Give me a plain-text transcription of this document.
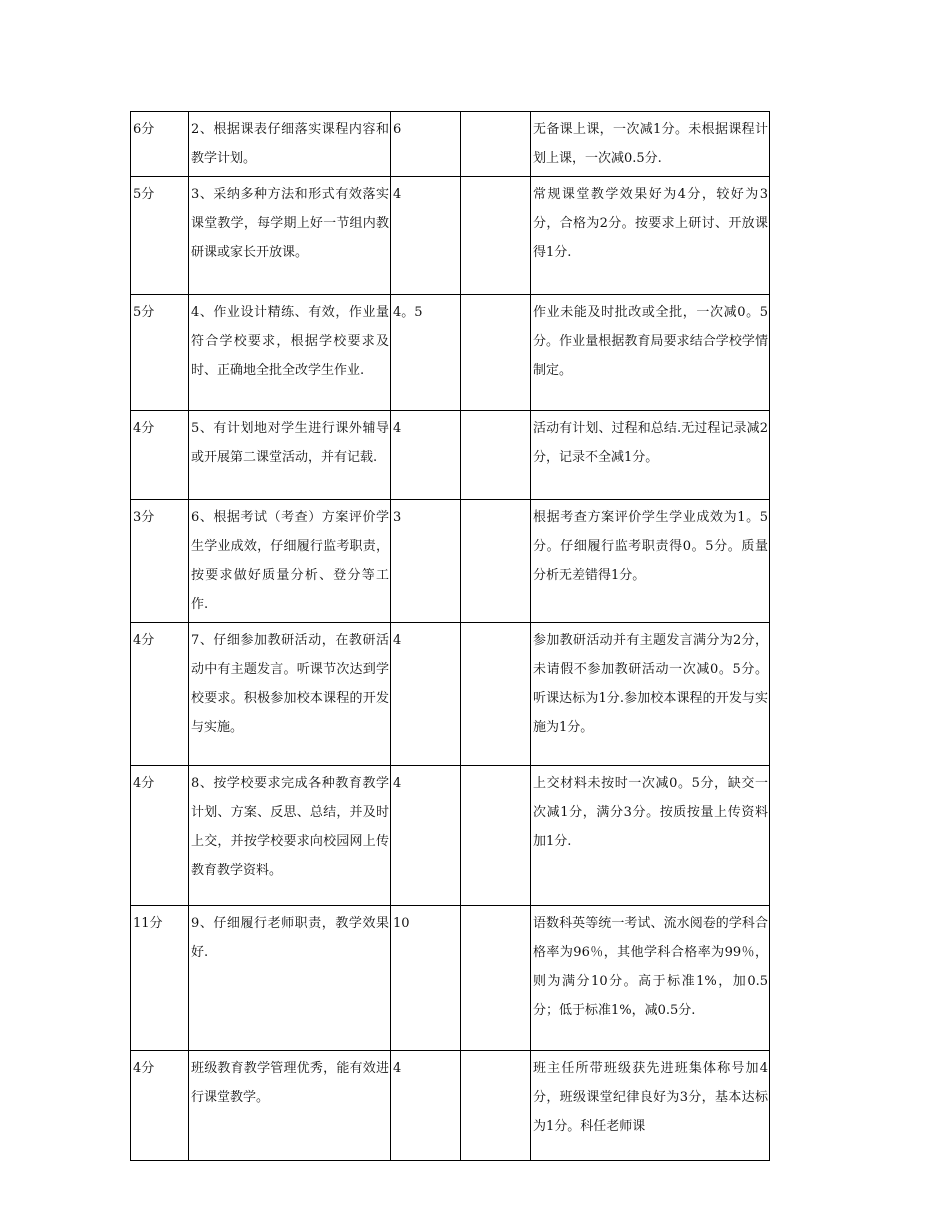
6分	2、根据课表仔细落实课程内容和教学计划。	6		无备课上课，一次减1分。未根据课程计划上课，一次减0.5分.
5分	3、采纳多种方法和形式有效落实课堂教学，每学期上好一节组内教研课或家长开放课。	4		常规课堂教学效果好为4分，较好为3分，合格为2分。按要求上研讨、开放课得1分.
5分	4、作业设计精练、有效，作业量符合学校要求，根据学校要求及时、正确地全批全改学生作业.	4。5		作业未能及时批改或全批，一次减0。5分。作业量根据教育局要求结合学校学情制定。
4分	5、有计划地对学生进行课外辅导或开展第二课堂活动，并有记载.	4		活动有计划、过程和总结.无过程记录减2分，记录不全减1分。
3分	6、根据考试（考查）方案评价学生学业成效，仔细履行监考职责，按要求做好质量分析、登分等工作.	3		根据考查方案评价学生学业成效为1。5分。仔细履行监考职责得0。5分。质量分析无差错得1分。
4分	7、仔细参加教研活动，在教研活动中有主题发言。听课节次达到学校要求。积极参加校本课程的开发与实施。	4		参加教研活动并有主题发言满分为2分，未请假不参加教研活动一次减0。5分。听课达标为1分.参加校本课程的开发与实施为1分。
4分	8、按学校要求完成各种教育教学计划、方案、反思、总结，并及时上交，并按学校要求向校园网上传教育教学资料。	4		上交材料未按时一次减0。5分，缺交一次减1分，满分3分。按质按量上传资料加1分.
11分	9、仔细履行老师职责，教学效果好.	10		语数科英等统一考试、流水阅卷的学科合格率为96％，其他学科合格率为99％，则为满分10分。高于标准1%，加0.5分；低于标准1%，减0.5分.
4分	班级教育教学管理优秀，能有效进行课堂教学。	4		班主任所带班级获先进班集体称号加4分，班级课堂纪律良好为3分，基本达标为1分。科任老师课
